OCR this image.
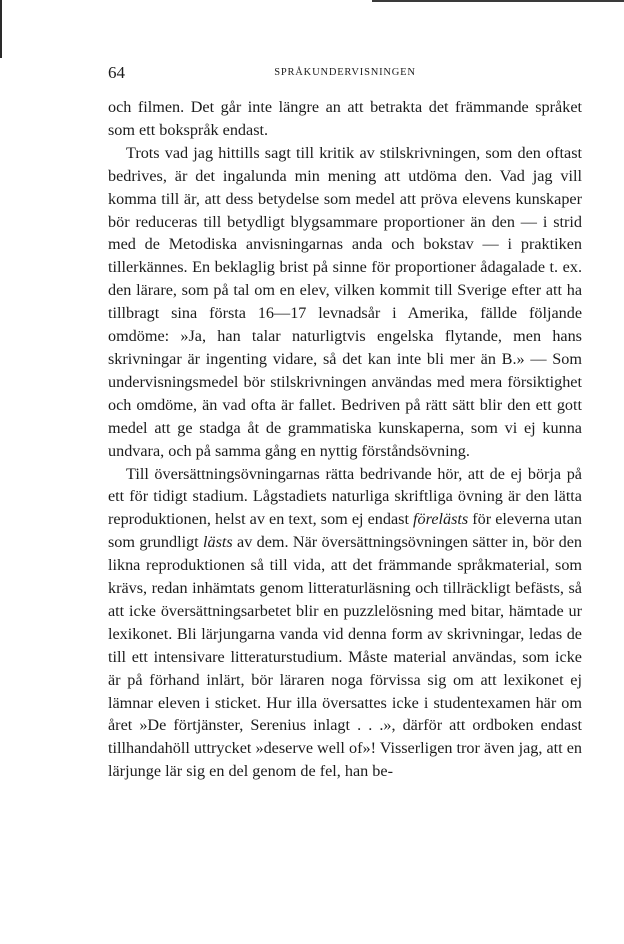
64	SPRÅKUNDERVISNINGEN

och filmen. Det går inte längre an att betrakta det främmande språket som ett bokspråk endast.

Trots vad jag hittills sagt till kritik av stilskrivningen, som den oftast bedrives, är det ingalunda min mening att utdöma den. Vad jag vill komma till är, att dess betydelse som medel att pröva elevens kunskaper bör reduceras till betydligt blygsammare proportioner än den — i strid med de Metodiska anvisningarnas anda och bokstav — i praktiken tillerkännes. En beklaglig brist på sinne för proportioner ådagalade t. ex. den lärare, som på tal om en elev, vilken kommit till Sverige efter att ha tillbragt sina första 16—17 levnadsår i Amerika, fällde följande omdöme: »Ja, han talar naturligtvis engelska flytande, men hans skrivningar är ingenting vidare, så det kan inte bli mer än B.» — Som undervisningsmedel bör stilskrivningen användas med mera försiktighet och omdöme, än vad ofta är fallet. Bedriven på rätt sätt blir den ett gott medel att ge stadga åt de grammatiska kunskaperna, som vi ej kunna undvara, och på samma gång en nyttig förståndsövning.

Till översättningsövningarnas rätta bedrivande hör, att de ej börja på ett för tidigt stadium. Lågstadiets naturliga skriftliga övning är den lätta reproduktionen, helst av en text, som ej endast förelästs för eleverna utan som grundligt lästs av dem. När översättningsövningen sätter in, bör den likna reproduktionen så till vida, att det främmande språkmaterial, som krävs, redan inhämtats genom litteraturläsning och tillräckligt befästs, så att icke översättningsarbetet blir en puzzlelösning med bitar, hämtade ur lexikonet. Bli lärjungarna vanda vid denna form av skrivningar, ledas de till ett intensivare litteraturstudium. Måste material användas, som icke är på förhand inlärt, bör läraren noga förvissa sig om att lexikonet ej lämnar eleven i sticket. Hur illa översattes icke i studentexamen här om året »De förtjänster, Serenius inlagt . . .», därför att ordboken endast tillhandahöll uttrycket »deserve well of»! Visserligen tror även jag, att en lärjunge lär sig en del genom de fel, han be-
